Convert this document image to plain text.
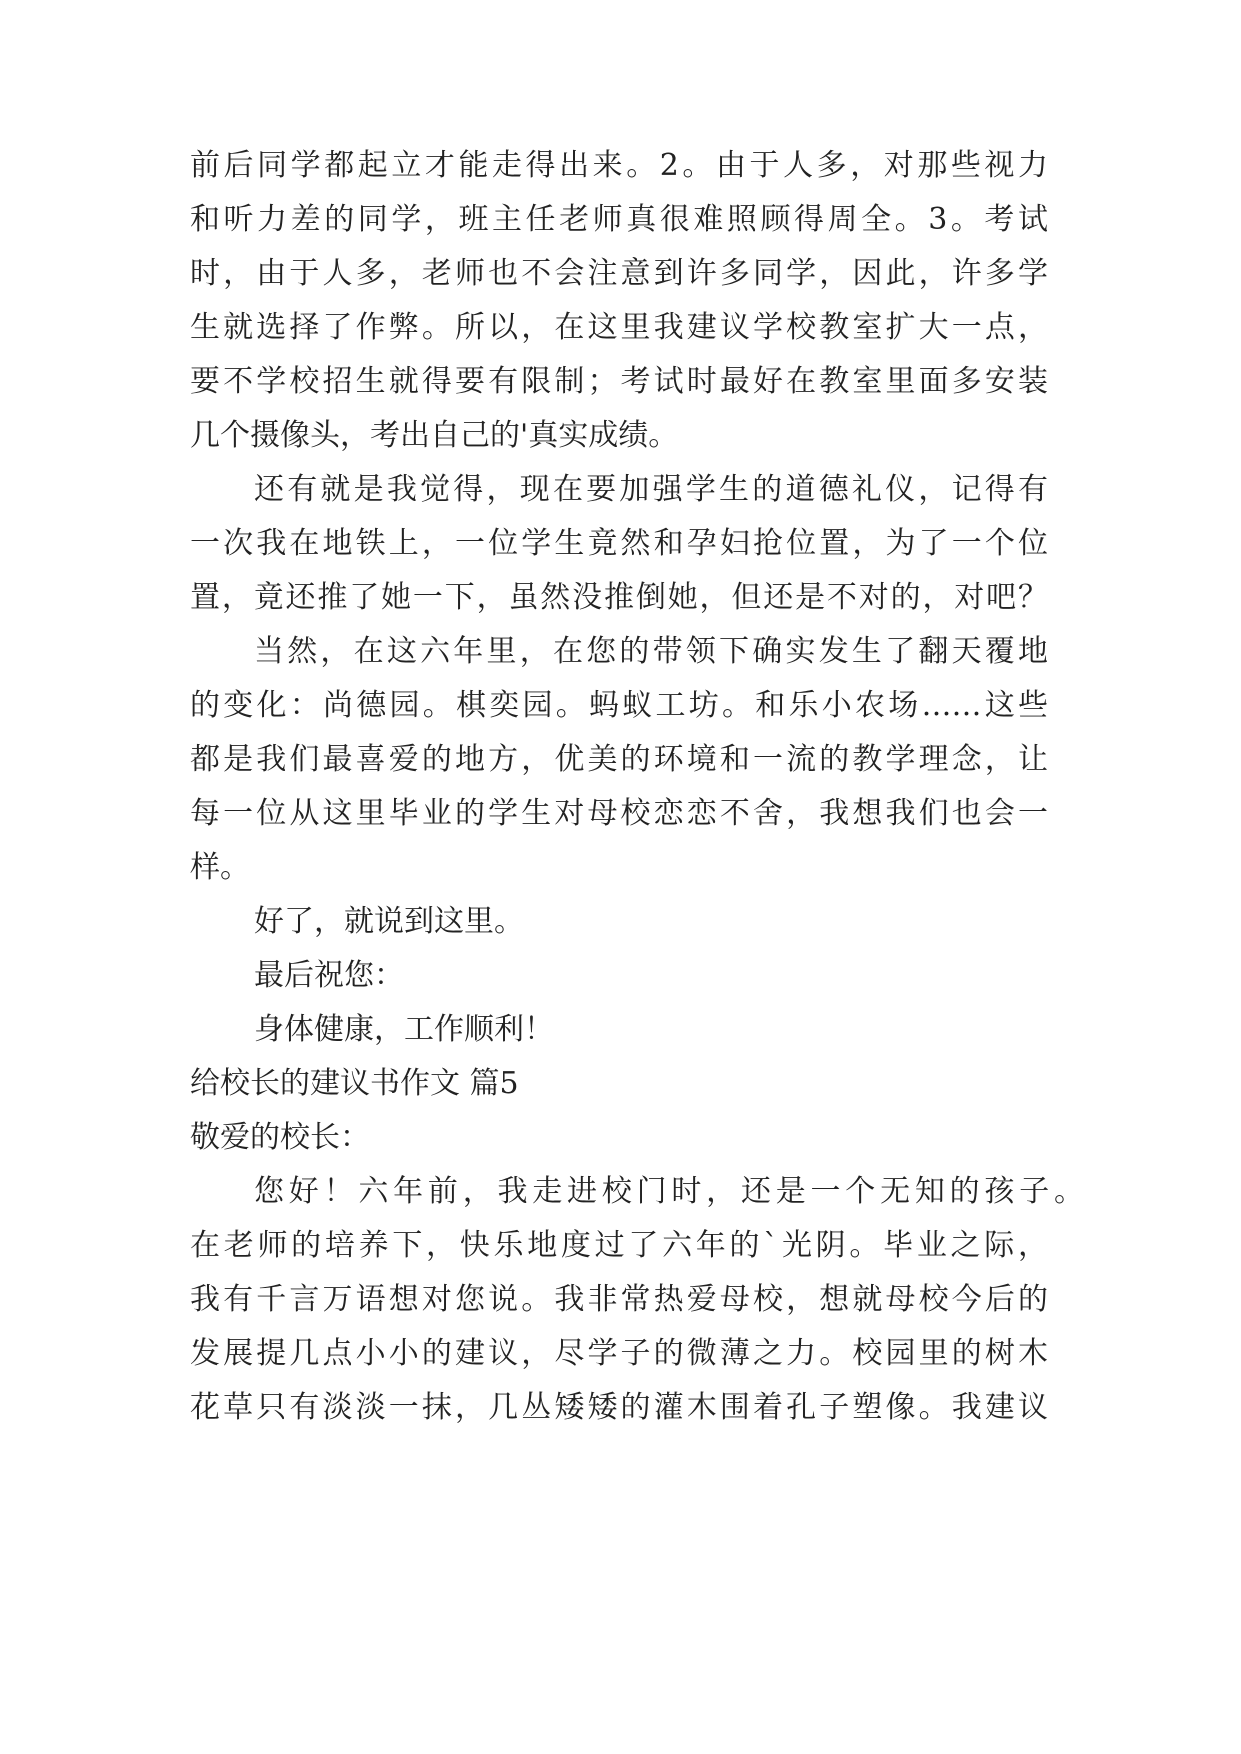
前后同学都起立才能走得出来。2。由于人多，对那些视力
和听力差的同学，班主任老师真很难照顾得周全。3。考试
时，由于人多，老师也不会注意到许多同学，因此，许多学
生就选择了作弊。所以，在这里我建议学校教室扩大一点，
要不学校招生就得要有限制；考试时最好在教室里面多安装
几个摄像头，考出自己的'真实成绩。
还有就是我觉得，现在要加强学生的道德礼仪，记得有
一次我在地铁上，一位学生竟然和孕妇抢位置，为了一个位
置，竟还推了她一下，虽然没推倒她，但还是不对的，对吧？
当然，在这六年里，在您的带领下确实发生了翻天覆地
的变化：尚德园。棋奕园。蚂蚁工坊。和乐小农场……这些
都是我们最喜爱的地方，优美的环境和一流的教学理念，让
每一位从这里毕业的学生对母校恋恋不舍，我想我们也会一
样。
好了，就说到这里。
最后祝您：
身体健康，工作顺利！
给校长的建议书作文 篇5
敬爱的校长：
您好！六年前，我走进校门时，还是一个无知的孩子。
在老师的培养下，快乐地度过了六年的`光阴。毕业之际，
我有千言万语想对您说。我非常热爱母校，想就母校今后的
发展提几点小小的建议，尽学子的微薄之力。校园里的树木
花草只有淡淡一抹，几丛矮矮的灌木围着孔子塑像。我建议
